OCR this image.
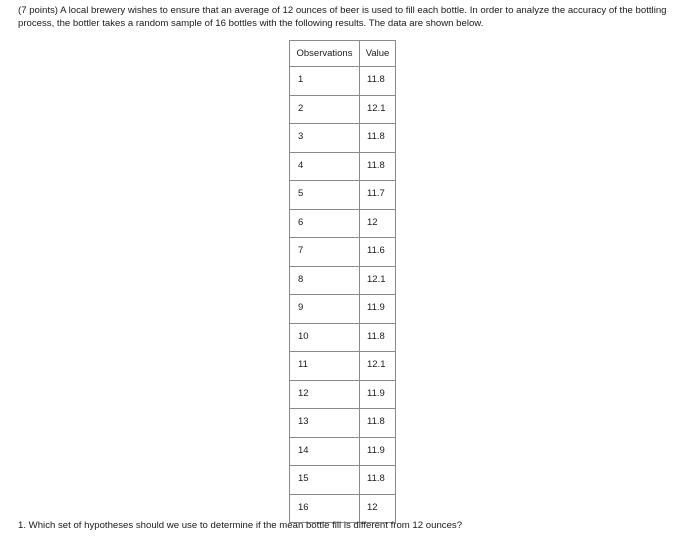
(7 points) A local brewery wishes to ensure that an average of 12 ounces of beer is used to fill each bottle. In order to analyze the accuracy of the bottling process, the bottler takes a random sample of 16 bottles with the following results. The data are shown below.

Observations	Value
1	11.8
2	12.1
3	11.8
4	11.8
5	11.7
6	12
7	11.6
8	12.1
9	11.9
10	11.8
11	12.1
12	11.9
13	11.8
14	11.9
15	11.8
16	12

1. Which set of hypotheses should we use to determine if the mean bottle fill is different from 12 ounces?
